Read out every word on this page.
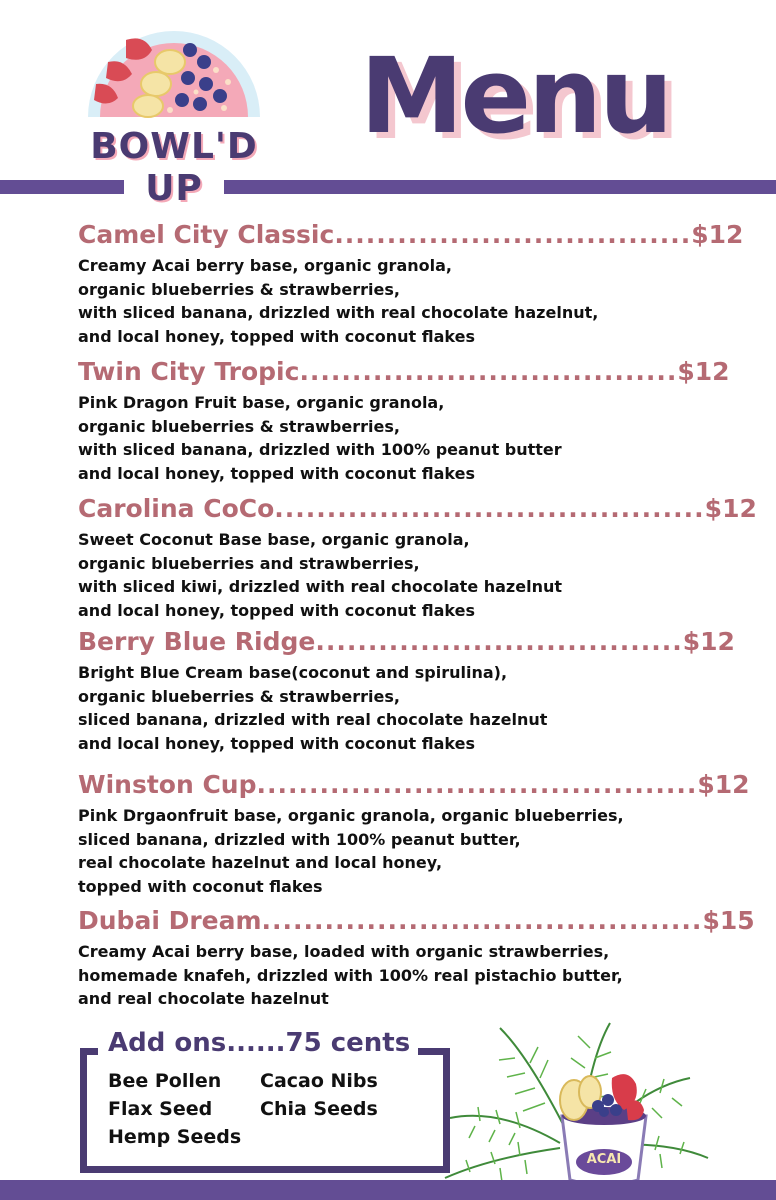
BOWL'D
UP
Menu
Camel City Classic .................................. $12
Creamy Acai berry base, organic granola,
organic blueberries & strawberries,
with sliced banana, drizzled with real chocolate hazelnut,
and local honey, topped with coconut flakes
Twin City Tropic .................................... $12
Pink Dragon Fruit base, organic granola,
organic blueberries & strawberries,
with sliced banana, drizzled with 100% peanut butter
and local honey, topped with coconut flakes
Carolina CoCo ......................................... $12
Sweet Coconut Base base, organic granola,
organic blueberries and strawberries,
with sliced kiwi, drizzled with real chocolate hazelnut
and local honey, topped with coconut flakes
Berry Blue Ridge ................................... $12
Bright Blue Cream base(coconut and spirulina),
organic blueberries & strawberries,
sliced banana, drizzled with real chocolate hazelnut
and local honey, topped with coconut flakes
Winston Cup .......................................... $12
Pink Drgaonfruit base, organic granola, organic blueberries,
sliced banana, drizzled with 100% peanut butter,
real chocolate hazelnut and local honey,
topped with coconut flakes
Dubai Dream .......................................... $15
Creamy Acai berry base, loaded with organic strawberries,
homemade knafeh, drizzled with 100% real pistachio butter,
and real chocolate hazelnut
Add ons......75 cents
Bee Pollen Cacao Nibs
Flax Seed	Chia Seeds
Hemp Seeds
ACAI
